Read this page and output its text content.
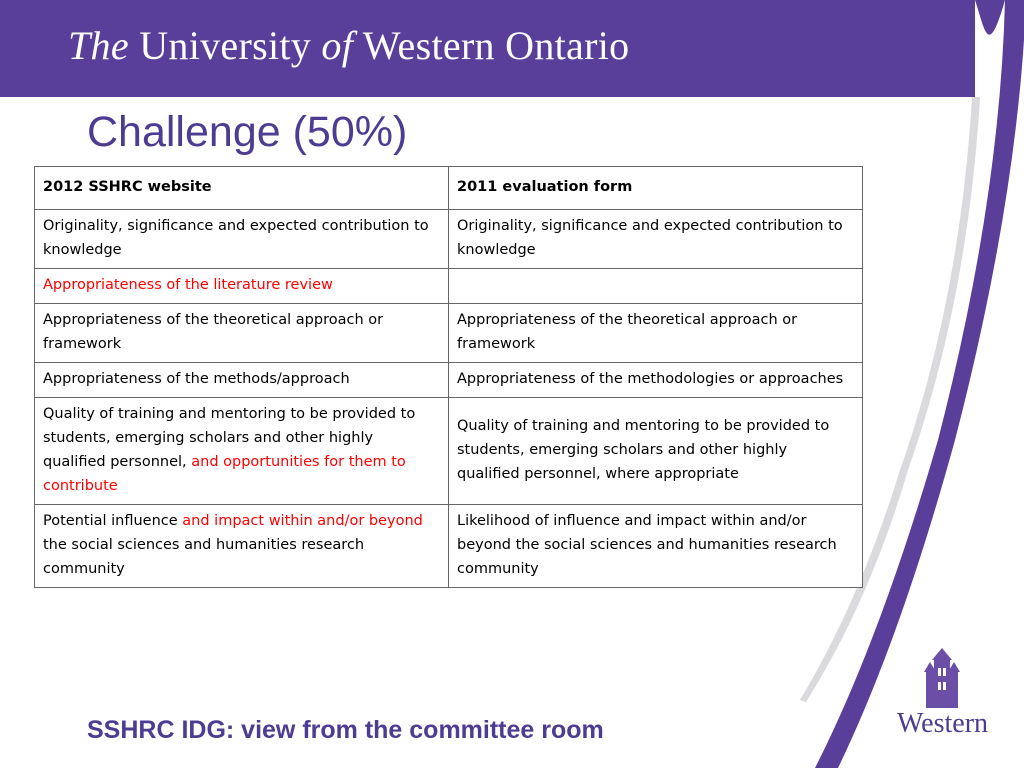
The University of Western Ontario
Challenge (50%)
2012 SSHRC website	2011 evaluation form
Originality, significance and expected contribution to knowledge	Originality, significance and expected contribution to knowledge
Appropriateness of the literature review	
Appropriateness of the theoretical approach or framework	Appropriateness of the theoretical approach or framework
Appropriateness of the methods/approach	Appropriateness of the methodologies or approaches
Quality of training and mentoring to be provided to students, emerging scholars and other highly qualified personnel, and opportunities for them to contribute	Quality of training and mentoring to be provided to students, emerging scholars and other highly qualified personnel, where appropriate
Potential influence and impact within and/or beyond the social sciences and humanities research community	Likelihood of influence and impact within and/or beyond the social sciences and humanities research community
SSHRC IDG: view from the committee room	Western
